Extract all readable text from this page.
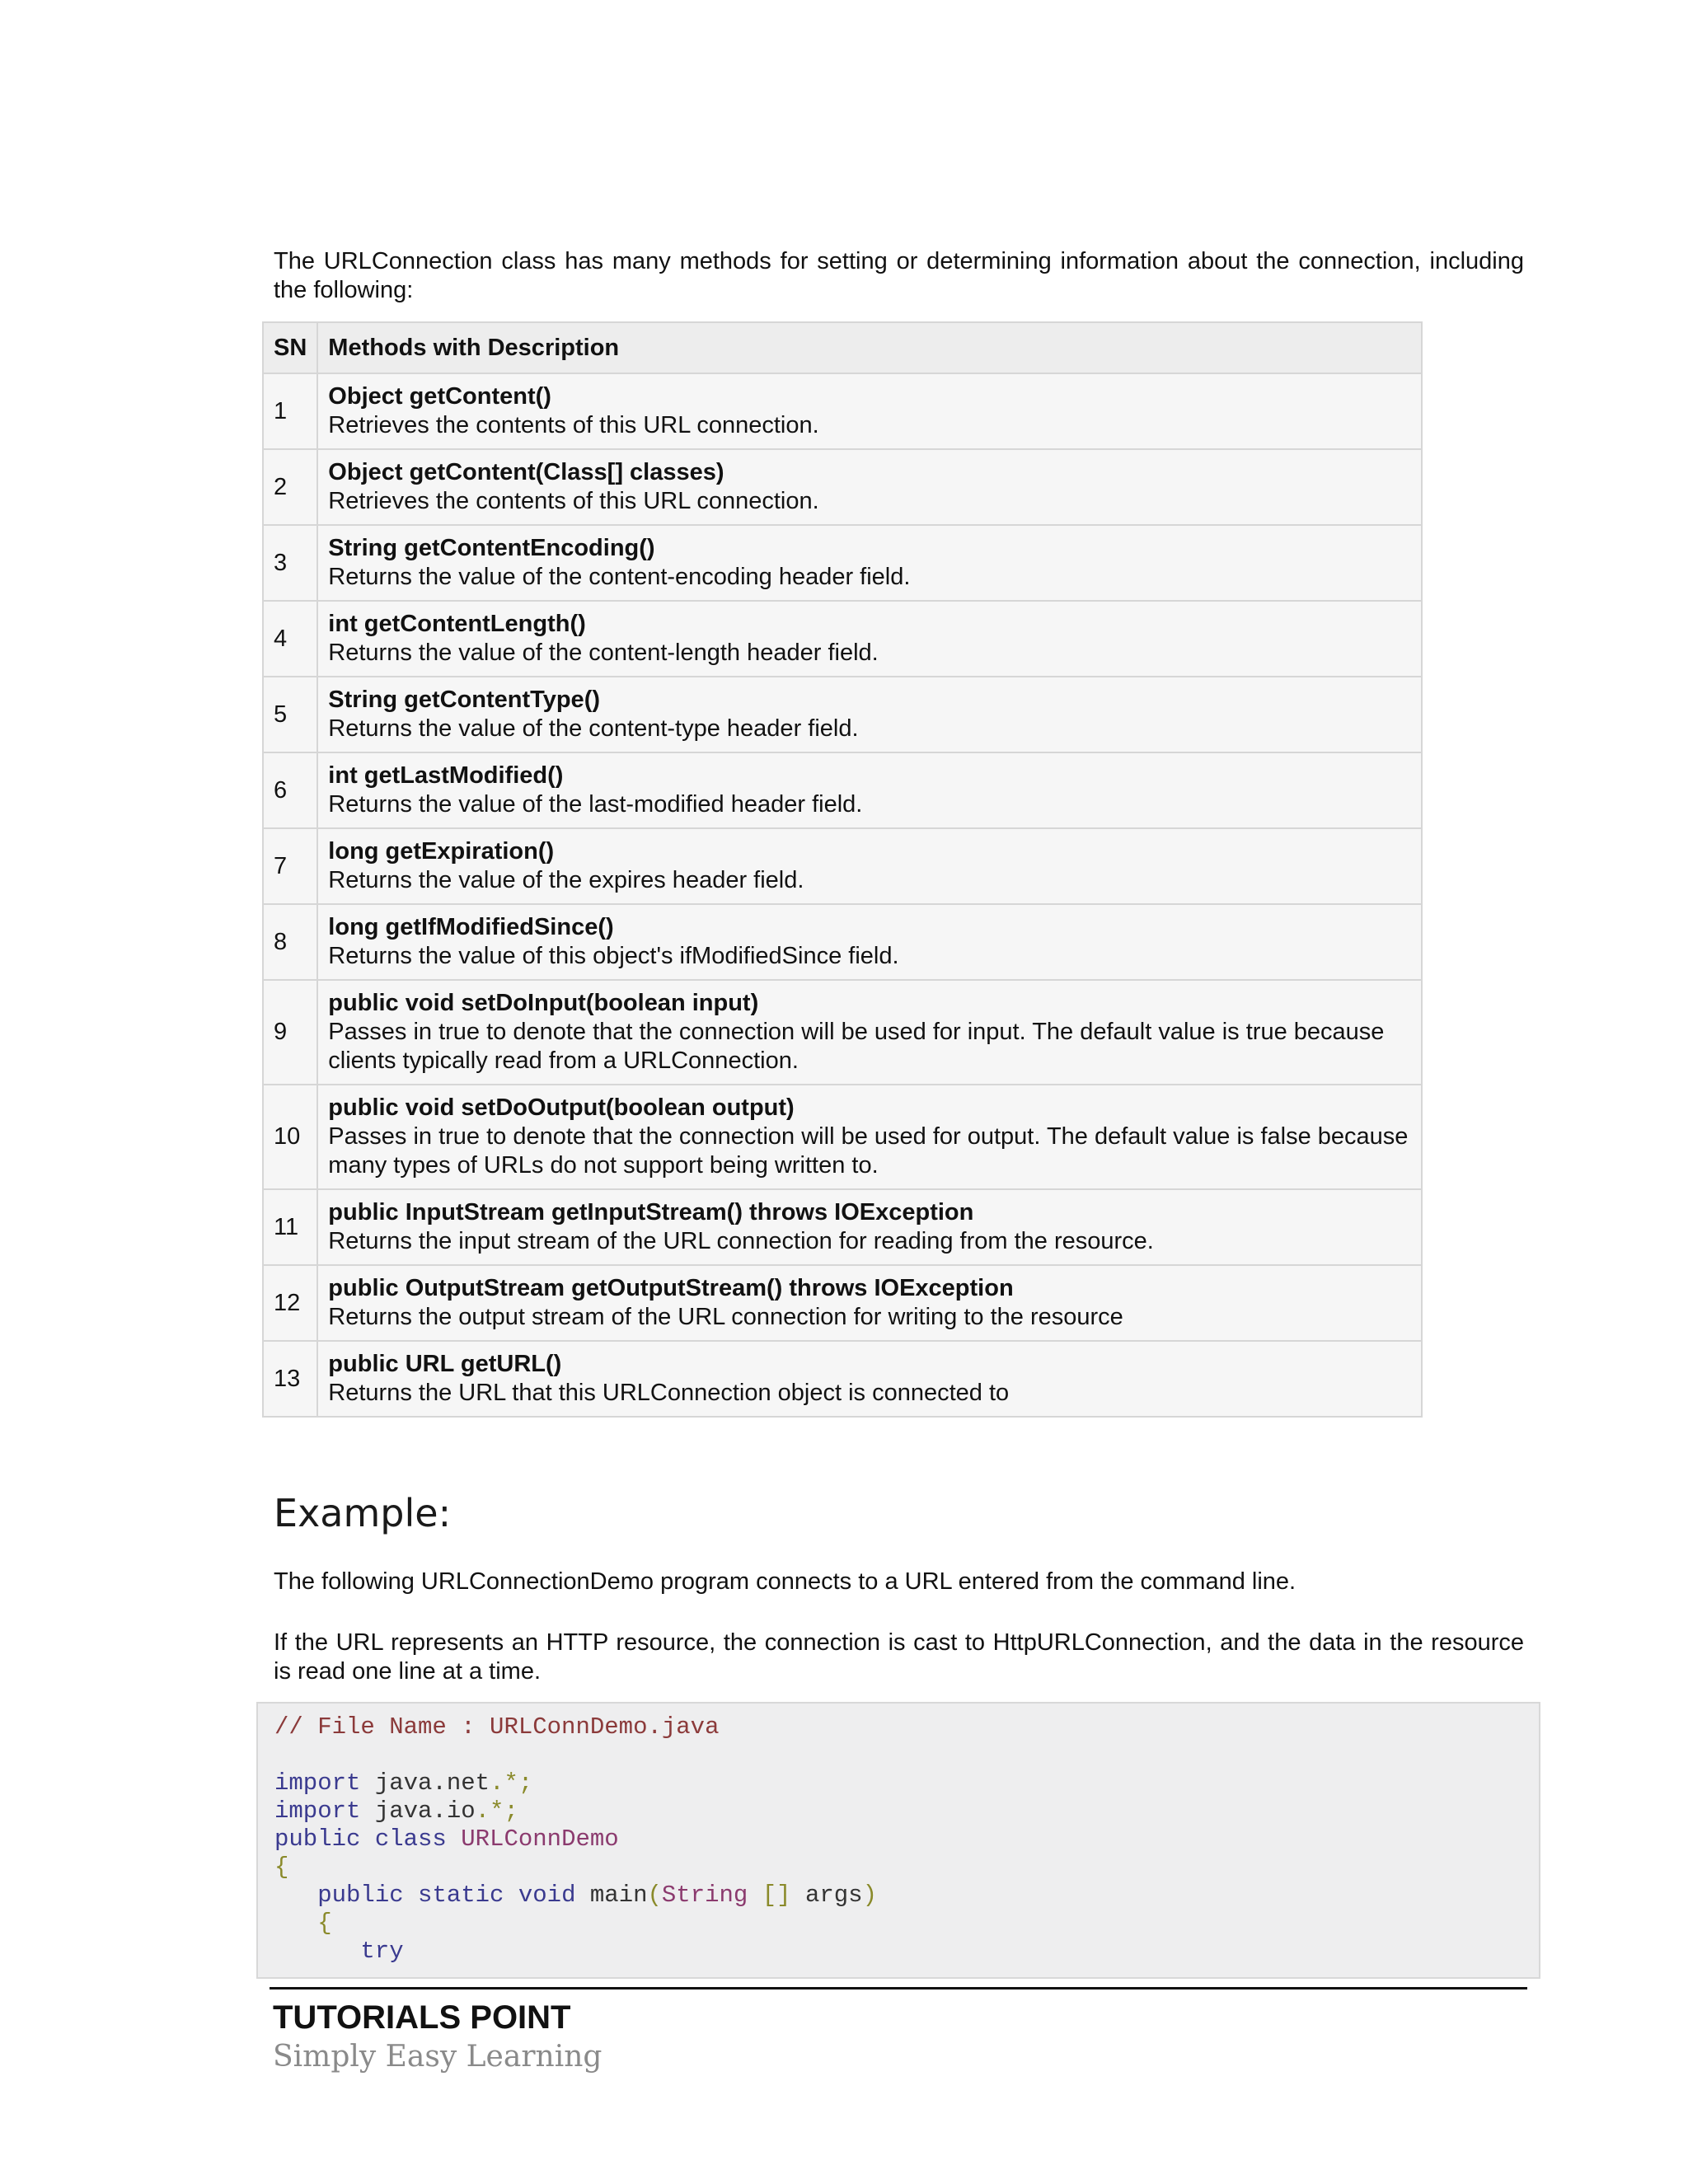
The URLConnection class has many methods for setting or determining information about the connection, including the following:

SN	Methods with Description
1	Object getContent()
Retrieves the contents of this URL connection.

2	Object getContent(Class[] classes)
Retrieves the contents of this URL connection.

3	String getContentEncoding()
Returns the value of the content-encoding header field.

4	int getContentLength()
Returns the value of the content-length header field.

5	String getContentType()
Returns the value of the content-type header field.

6	int getLastModified()
Returns the value of the last-modified header field.

7	long getExpiration()
Returns the value of the expires header field.

8	long getIfModifiedSince()
Returns the value of this object's ifModifiedSince field.

9	public void setDoInput(boolean input)
Passes in true to denote that the connection will be used for input. The default value is true because clients typically read from a URLConnection.

10	public void setDoOutput(boolean output)
Passes in true to denote that the connection will be used for output. The default value is false because many types of URLs do not support being written to.

11	public InputStream getInputStream() throws IOException
Returns the input stream of the URL connection for reading from the resource.

12	public OutputStream getOutputStream() throws IOException
Returns the output stream of the URL connection for writing to the resource

13	public URL getURL()
Returns the URL that this URLConnection object is connected to
Example:

The following URLConnectionDemo program connects to a URL entered from the command line.

If the URL represents an HTTP resource, the connection is cast to HttpURLConnection, and the data in the resource is read one line at a time.

// File Name : URLConnDemo.java
import java.net.*;
import java.io.*;
public class URLConnDemo
{
public static void main(String [] args)
{
try

TUTORIALS POINT

Simply Easy Learning
